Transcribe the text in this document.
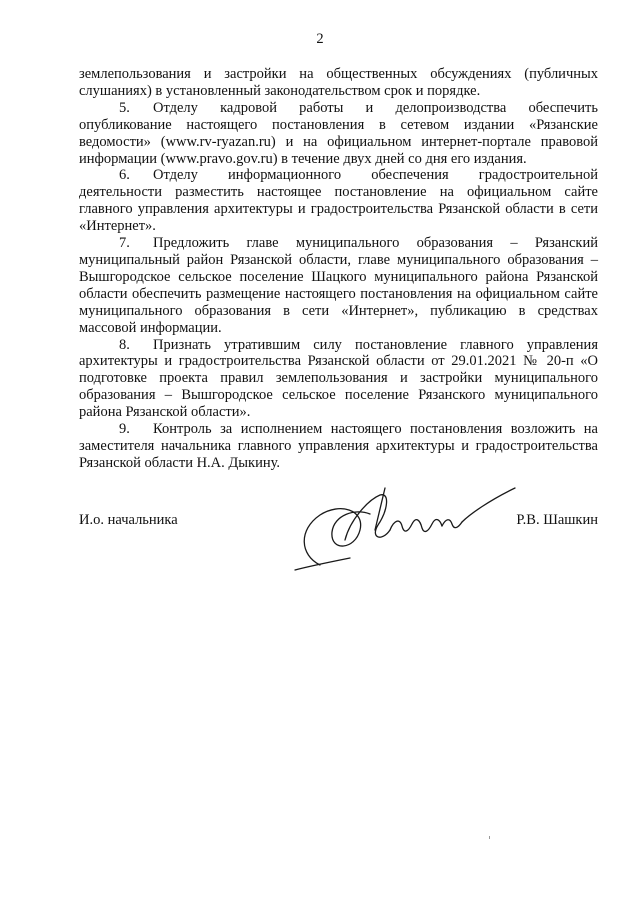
2

землепользования и застройки на общественных обсуждениях (публичных слушаниях) в установленный законодательством срок и порядке.

5. Отделу кадровой работы и делопроизводства обеспечить опубликование настоящего постановления в сетевом издании «Рязанские ведомости» (www.rv-ryazan.ru) и на официальном интернет-портале правовой информации (www.pravo.gov.ru) в течение двух дней со дня его издания.

6. Отделу информационного обеспечения градостроительной деятельности разместить настоящее постановление на официальном сайте главного управления архитектуры и градостроительства Рязанской области в сети «Интернет».

7. Предложить главе муниципального образования – Рязанский муниципальный район Рязанской области, главе муниципального образования – Вышгородское сельское поселение Шацкого муниципального района Рязанской области обеспечить размещение настоящего постановления на официальном сайте муниципального образования в сети «Интернет», публикацию в средствах массовой информации.

8. Признать утратившим силу постановление главного управления архитектуры и градостроительства Рязанской области от 29.01.2021 № 20-п «О подготовке проекта правил землепользования и застройки муниципального образования – Вышгородское сельское поселение Рязанского муниципального района Рязанской области».

9. Контроль за исполнением настоящего постановления возложить на заместителя начальника главного управления архитектуры и градостроительства Рязанской области Н.А. Дыкину.

И.о. начальника	Р.В. Шашкин
